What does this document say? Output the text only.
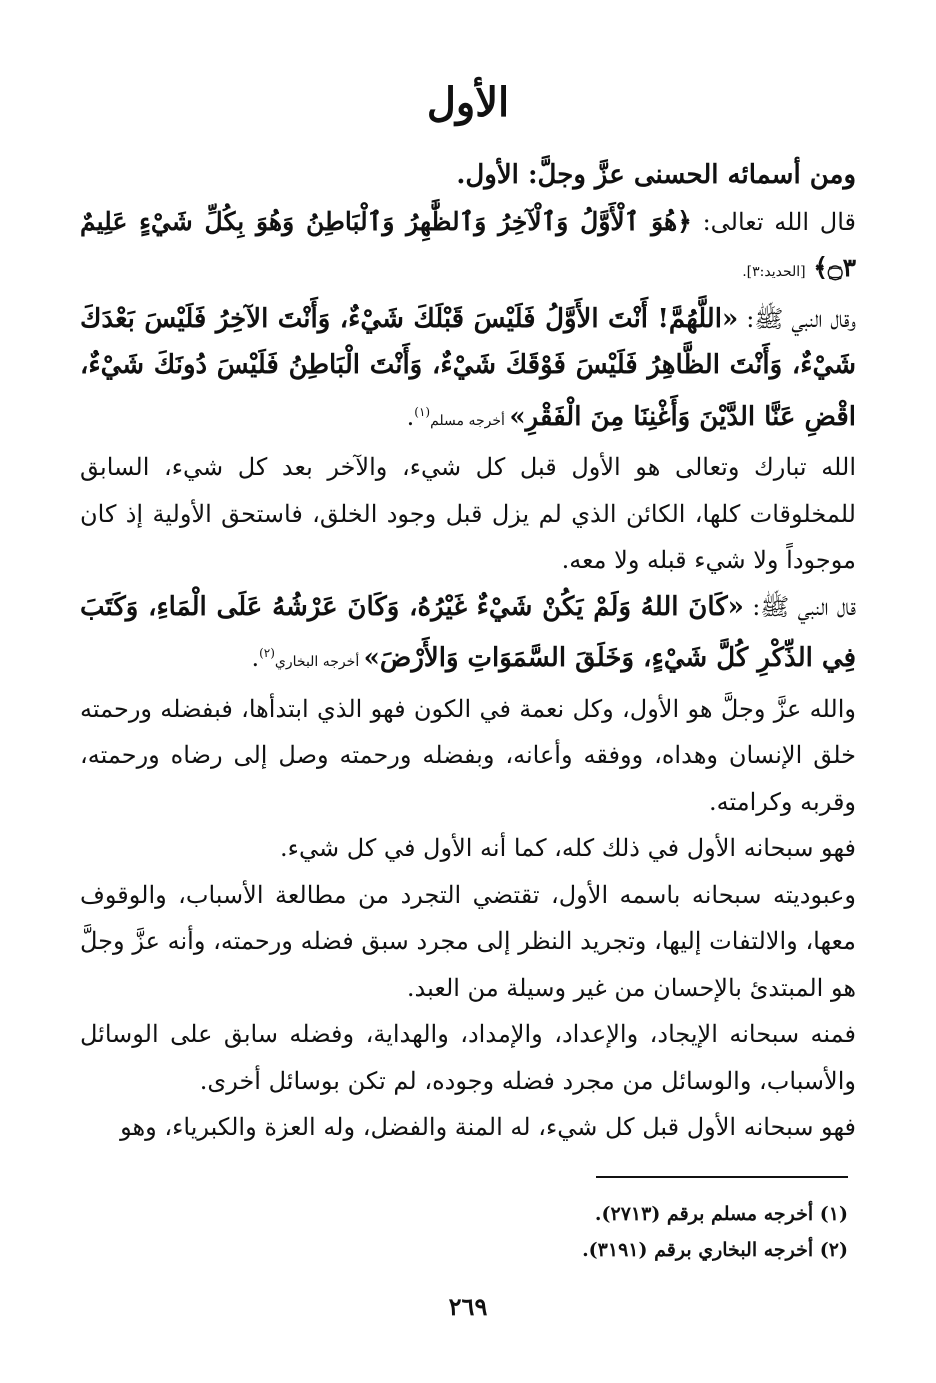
الأول
ومن أسمائه الحسنى عزَّ وجلَّ: الأول.
قال الله تعالى: ﴿هُوَ ٱلْأَوَّلُ وَٱلْآخِرُ وَٱلظَّٰهِرُ وَٱلْبَاطِنُ وَهُوَ بِكُلِّ شَيْءٍ عَلِيمٌ ۝٣﴾ [الحديد:٣].
وقال النبي ﷺ: «اللَّهُمَّ! أَنْتَ الأَوَّلُ فَلَيْسَ قَبْلَكَ شَيْءٌ، وَأَنْتَ الآخِرُ فَلَيْسَ بَعْدَكَ شَيْءٌ، وَأَنْتَ الظَّاهِرُ فَلَيْسَ فَوْقَكَ شَيْءٌ، وَأَنْتَ الْبَاطِنُ فَلَيْسَ دُونَكَ شَيْءٌ، اقْضِ عَنَّا الدَّيْنَ وَأَغْنِنَا مِنَ الْفَقْرِ» أخرجه مسلم$^{(١)}$.
الله تبارك وتعالى هو الأول قبل كل شيء، والآخر بعد كل شيء، السابق للمخلوقات كلها، الكائن الذي لم يزل قبل وجود الخلق، فاستحق الأولية إذ كان موجوداً ولا شيء قبله ولا معه.
قال النبي ﷺ: «كَانَ اللهُ وَلَمْ يَكُنْ شَيْءٌ غَيْرُهُ، وَكَانَ عَرْشُهُ عَلَى الْمَاءِ، وَكَتَبَ فِي الذِّكْرِ كُلَّ شَيْءٍ، وَخَلَقَ السَّمَوَاتِ وَالأَرْضَ» أخرجه البخاري$^{(٢)}$.
والله عزَّ وجلَّ هو الأول، وكل نعمة في الكون فهو الذي ابتدأها، فبفضله ورحمته خلق الإنسان وهداه، ووفقه وأعانه، وبفضله ورحمته وصل إلى رضاه ورحمته، وقربه وكرامته.
فهو سبحانه الأول في ذلك كله، كما أنه الأول في كل شيء.
وعبوديته سبحانه باسمه الأول، تقتضي التجرد من مطالعة الأسباب، والوقوف معها، والالتفات إليها، وتجريد النظر إلى مجرد سبق فضله ورحمته، وأنه عزَّ وجلَّ هو المبتدئ بالإحسان من غير وسيلة من العبد.
فمنه سبحانه الإيجاد، والإعداد، والإمداد، والهداية، وفضله سابق على الوسائل والأسباب، والوسائل من مجرد فضله وجوده، لم تكن بوسائل أخرى.
فهو سبحانه الأول قبل كل شيء، له المنة والفضل، وله العزة والكبرياء، وهو
(١) أخرجه مسلم برقم (٢٧١٣).
(٢) أخرجه البخاري برقم (٣١٩١).
٢٦٩
